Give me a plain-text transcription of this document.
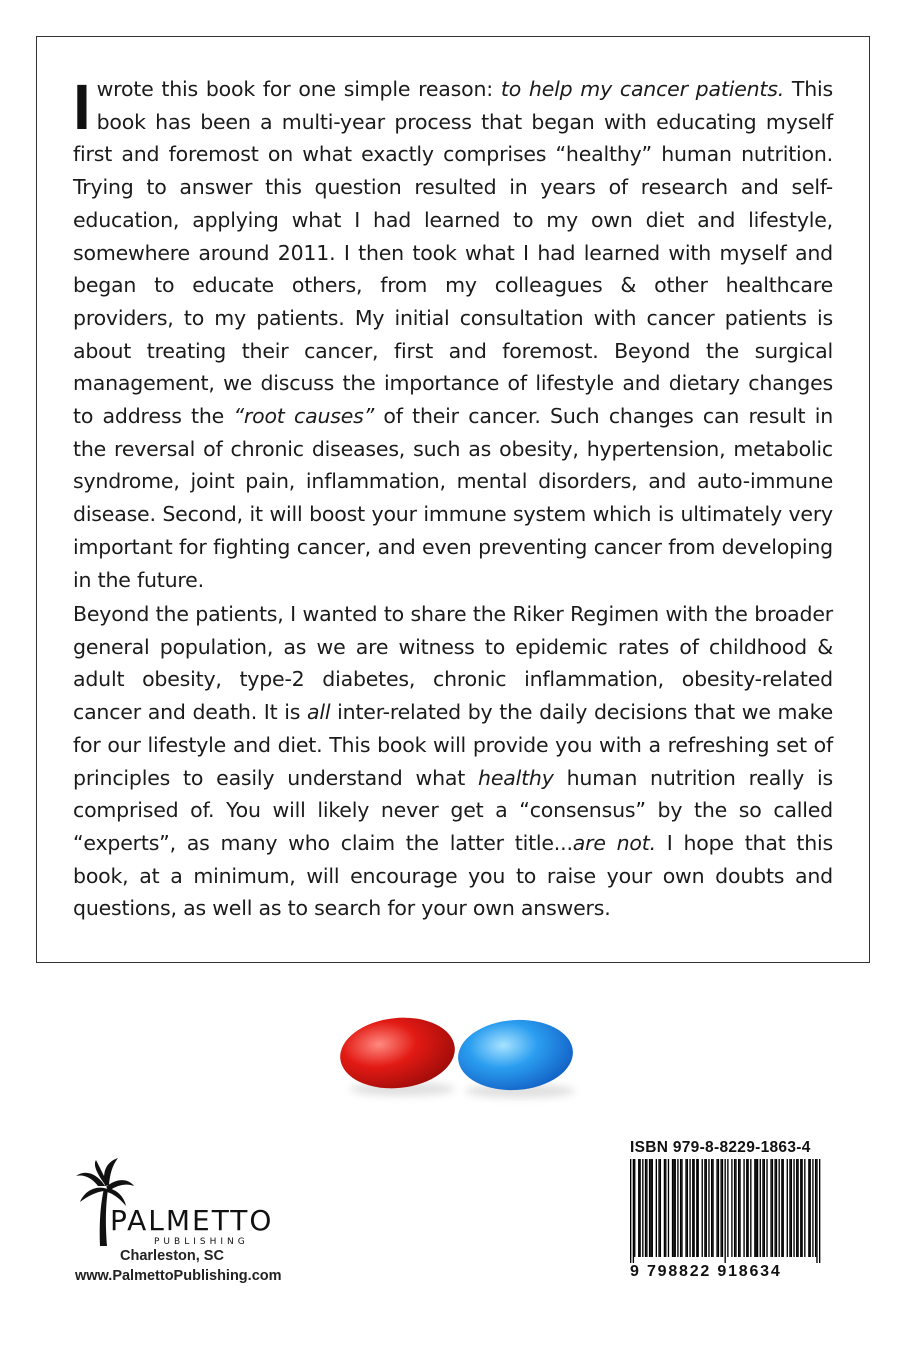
I wrote this book for one simple reason: to help my cancer patients. This book has been a multi-year process that began with educating myself first and foremost on what exactly comprises “healthy” human nutrition. Trying to answer this question resulted in years of research and self-education, applying what I had learned to my own diet and lifestyle, somewhere around 2011. I then took what I had learned with myself and began to educate others, from my colleagues & other healthcare providers, to my patients. My initial consultation with cancer patients is about treating their cancer, first and foremost. Beyond the surgical management, we discuss the importance of lifestyle and dietary changes to address the “root causes” of their cancer. Such changes can result in the reversal of chronic diseases, such as obesity, hypertension, metabolic syndrome, joint pain, inflammation, mental disorders, and auto-immune disease. Second, it will boost your immune system which is ultimately very important for fighting cancer, and even preventing cancer from developing in the future.
Beyond the patients, I wanted to share the Riker Regimen with the broader general population, as we are witness to epidemic rates of childhood & adult obesity, type-2 diabetes, chronic inflammation, obesity-related cancer and death. It is all inter-related by the daily decisions that we make for our lifestyle and diet. This book will provide you with a refreshing set of principles to easily understand what healthy human nutrition really is comprised of. You will likely never get a “consensus” by the so called “experts”, as many who claim the latter title...are not. I hope that this book, at a minimum, will encourage you to raise your own doubts and questions, as well as to search for your own answers.
PALMETTO
PUBLISHING
Charleston, SC
www.PalmettoPublishing.com
ISBN 979-8-8229-1863-4
9 798822 918634
